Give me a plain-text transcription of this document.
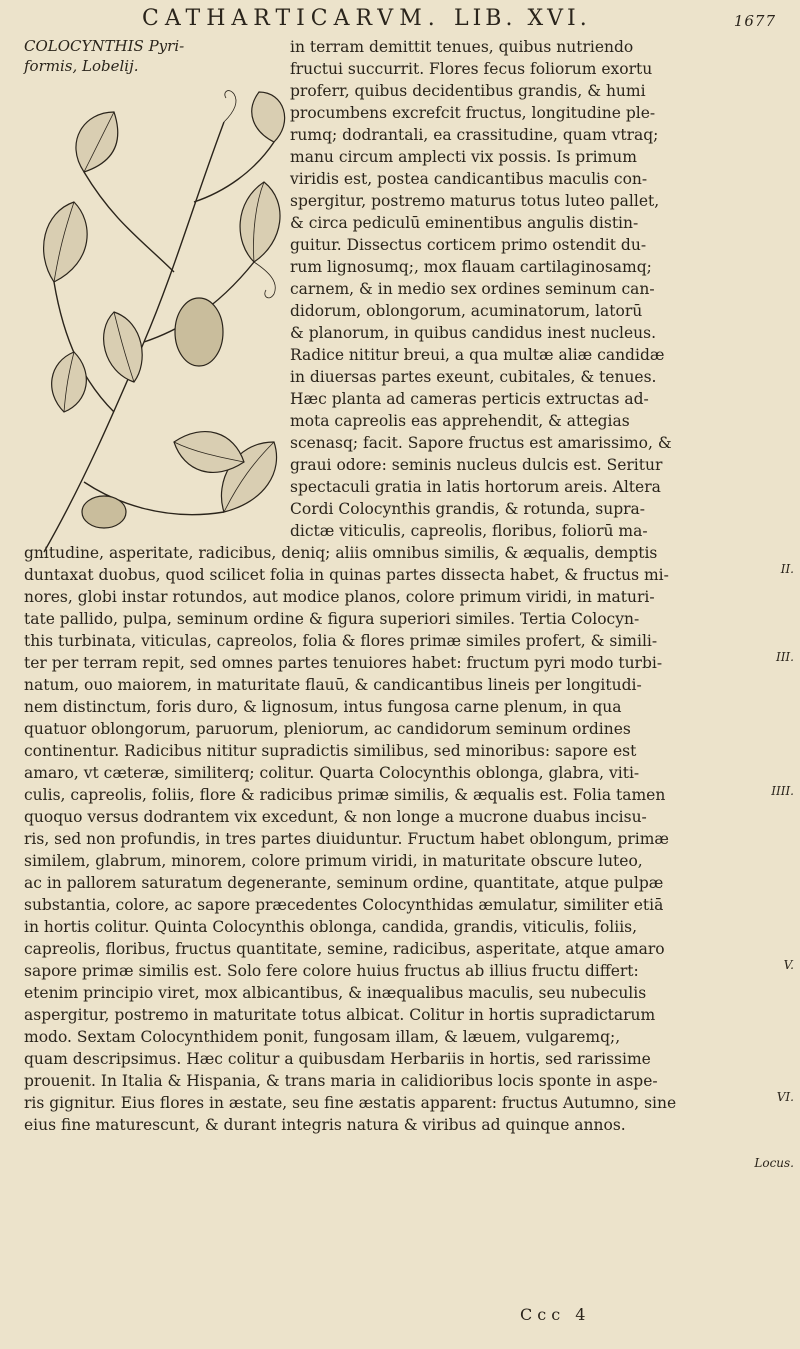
CATHARTICARVM. LIB. XVI.	1677
COLOCYNTHIS Pyri-
formis, Lobelij.
in terram demittit tenues, quibus nutriendo
fructui succurrit. Flores fecus foliorum exortu
proferr, quibus decidentibus grandis, & humi
procumbens excrefcit fructus, longitudine ple-
rumq; dodrantali, ea crassitudine, quam vtraq;
manu circum amplecti vix possis. Is primum
viridis est, postea candicantibus maculis con-
spergitur, postremo maturus totus luteo pallet,
& circa pediculū eminentibus angulis distin-
guitur. Dissectus corticem primo ostendit du-
rum lignosumq;, mox flauam cartilaginosamq;
carnem, & in medio sex ordines seminum can-
didorum, oblongorum, acuminatorum, latorū
& planorum, in quibus candidus inest nucleus.
Radice nititur breui, a qua multæ aliæ candidæ
in diuersas partes exeunt, cubitales, & tenues.
Hæc planta ad cameras perticis extructas ad-
mota capreolis eas apprehendit, & attegias
scenasq; facit. Sapore fructus est amarissimo, &
graui odore: seminis nucleus dulcis est. Seritur
spectaculi gratia in latis hortorum areis. Altera
Cordi Colocynthis grandis, & rotunda, supra-
dictæ viticulis, capreolis, floribus, foliorū ma-
gnitudine, asperitate, radicibus, deniq; aliis omnibus similis, & æqualis, demptis
duntaxat duobus, quod scilicet folia in quinas partes dissecta habet, & fructus mi-
nores, globi instar rotundos, aut modice planos, colore primum viridi, in maturi-
tate pallido, pulpa, seminum ordine & figura superiori similes. Tertia Colocyn-
this turbinata, viticulas, capreolos, folia & flores primæ similes profert, & simili-
ter per terram repit, sed omnes partes tenuiores habet: fructum pyri modo turbi-
natum, ouo maiorem, in maturitate flauū, & candicantibus lineis per longitudi-
nem distinctum, foris duro, & lignosum, intus fungosa carne plenum, in qua
quatuor oblongorum, paruorum, pleniorum, ac candidorum seminum ordines
continentur. Radicibus nititur supradictis similibus, sed minoribus: sapore est
amaro, vt cæteræ, similiterq; colitur. Quarta Colocynthis oblonga, glabra, viti-
culis, capreolis, foliis, flore & radicibus primæ similis, & æqualis est. Folia tamen
quoquo versus dodrantem vix excedunt, & non longe a mucrone duabus incisu-
ris, sed non profundis, in tres partes diuiduntur. Fructum habet oblongum, primæ
similem, glabrum, minorem, colore primum viridi, in maturitate obscure luteo,
ac in pallorem saturatum degenerante, seminum ordine, quantitate, atque pulpæ
substantia, colore, ac sapore præcedentes Colocynthidas æmulatur, similiter etiā
in hortis colitur. Quinta Colocynthis oblonga, candida, grandis, viticulis, foliis,
capreolis, floribus, fructus quantitate, semine, radicibus, asperitate, atque amaro
sapore primæ similis est. Solo fere colore huius fructus ab illius fructu differt:
etenim principio viret, mox albicantibus, & inæqualibus maculis, seu nubeculis
aspergitur, postremo in maturitate totus albicat. Colitur in hortis supradictarum
modo. Sextam Colocynthidem ponit, fungosam illam, & læuem, vulgaremq;,
quam descripsimus. Hæc colitur a quibusdam Herbariis in hortis, sed rarissime
prouenit. In Italia & Hispania, & trans maria in calidioribus locis sponte in aspe-
ris gignitur. Eius flores in æstate, seu fine æstatis apparent: fructus Autumno, sine
eius fine maturescunt, & durant integris natura & viribus ad quinque annos.
II.
III.
IIII.
V.
VI.
Locus.
Ccc 4
